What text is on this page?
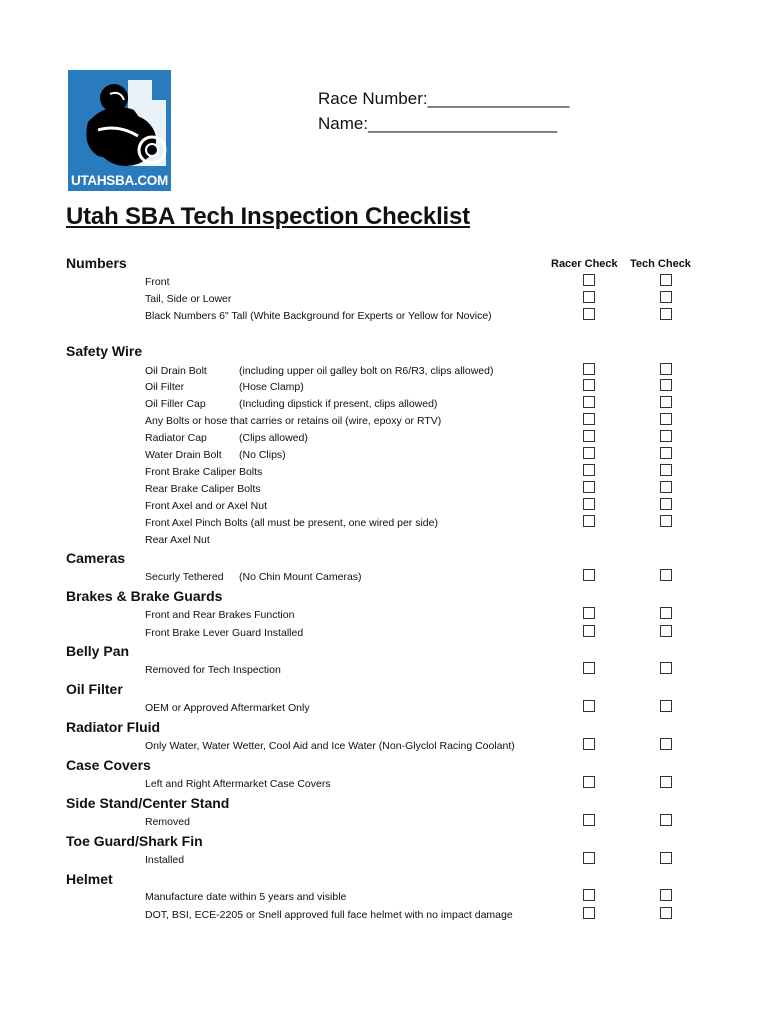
UTAHSBA.COM
Race Number:_______________
Name:____________________
Utah SBA Tech Inspection Checklist
Racer Check Tech Check
Numbers
Front
Tail, Side or Lower
Black Numbers 6" Tall (White Background for Experts or Yellow for Novice)
Safety Wire
Oil Drain Bolt	(including upper oil galley bolt on R6/R3, clips allowed)
Oil Filter	(Hose Clamp)
Oil Filler Cap	(Including dipstick if present, clips allowed)
Any Bolts or hose that carries or retains oil (wire, epoxy or RTV)
Radiator Cap	(Clips allowed)
Water Drain Bolt (No Clips)
Front Brake Caliper Bolts
Rear Brake Caliper Bolts
Front Axel and or Axel Nut
Front Axel Pinch Bolts (all must be present, one wired per side)
Rear Axel Nut
Cameras
Securly Tethered (No Chin Mount Cameras)
Brakes & Brake Guards
Front and Rear Brakes Function
Front Brake Lever Guard Installed
Belly Pan
Removed for Tech Inspection
Oil Filter
OEM or Approved Aftermarket Only
Radiator Fluid
Only Water, Water Wetter, Cool Aid and Ice Water (Non-Glyclol Racing Coolant)
Case Covers
Left and Right Aftermarket Case Covers
Side Stand/Center Stand
Removed
Toe Guard/Shark Fin
Installed
Helmet
Manufacture date within 5 years and visible
DOT, BSI, ECE-2205 or Snell approved full face helmet with no impact damage
